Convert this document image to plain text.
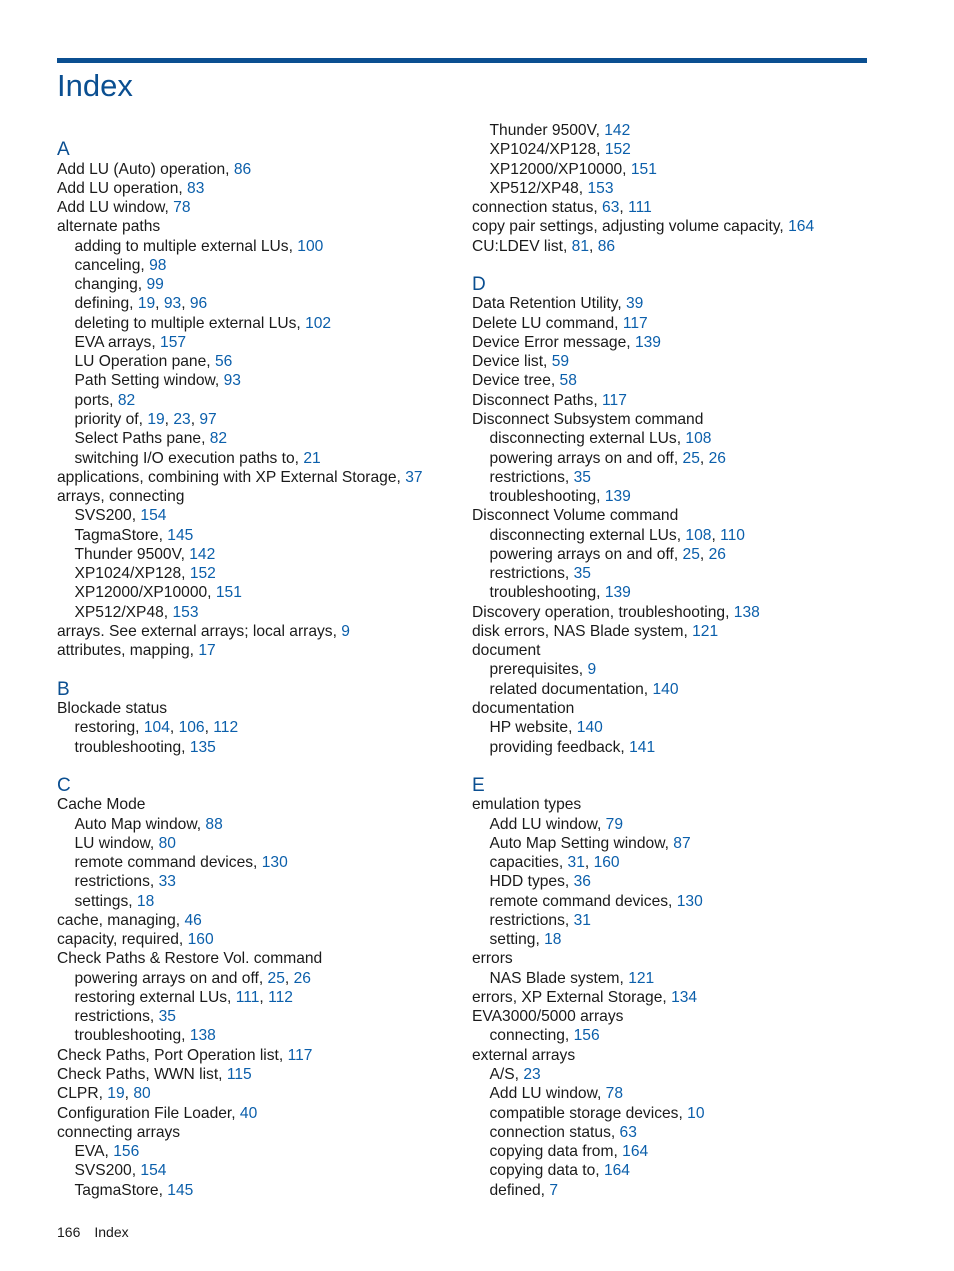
Index
A
Add LU (Auto) operation, 86
Add LU operation, 83
Add LU window, 78
alternate paths
adding to multiple external LUs, 100
canceling, 98
changing, 99
defining, 19, 93, 96
deleting to multiple external LUs, 102
EVA arrays, 157
LU Operation pane, 56
Path Setting window, 93
ports, 82
priority of, 19, 23, 97
Select Paths pane, 82
switching I/O execution paths to, 21
applications, combining with XP External Storage, 37
arrays, connecting
SVS200, 154
TagmaStore, 145
Thunder 9500V, 142
XP1024/XP128, 152
XP12000/XP10000, 151
XP512/XP48, 153
arrays. See external arrays; local arrays, 9
attributes, mapping, 17
B
Blockade status
restoring, 104, 106, 112
troubleshooting, 135
C
Cache Mode
Auto Map window, 88
LU window, 80
remote command devices, 130
restrictions, 33
settings, 18
cache, managing, 46
capacity, required, 160
Check Paths & Restore Vol. command
powering arrays on and off, 25, 26
restoring external LUs, 111, 112
restrictions, 35
troubleshooting, 138
Check Paths, Port Operation list, 117
Check Paths, WWN list, 115
CLPR, 19, 80
Configuration File Loader, 40
connecting arrays
EVA, 156
SVS200, 154
TagmaStore, 145
Thunder 9500V, 142
XP1024/XP128, 152
XP12000/XP10000, 151
XP512/XP48, 153
connection status, 63, 111
copy pair settings, adjusting volume capacity, 164
CU:LDEV list, 81, 86
D
Data Retention Utility, 39
Delete LU command, 117
Device Error message, 139
Device list, 59
Device tree, 58
Disconnect Paths, 117
Disconnect Subsystem command
disconnecting external LUs, 108
powering arrays on and off, 25, 26
restrictions, 35
troubleshooting, 139
Disconnect Volume command
disconnecting external LUs, 108, 110
powering arrays on and off, 25, 26
restrictions, 35
troubleshooting, 139
Discovery operation, troubleshooting, 138
disk errors, NAS Blade system, 121
document
prerequisites, 9
related documentation, 140
documentation
HP website, 140
providing feedback, 141
E
emulation types
Add LU window, 79
Auto Map Setting window, 87
capacities, 31, 160
HDD types, 36
remote command devices, 130
restrictions, 31
setting, 18
errors
NAS Blade system, 121
errors, XP External Storage, 134
EVA3000/5000 arrays
connecting, 156
external arrays
A/S, 23
Add LU window, 78
compatible storage devices, 10
connection status, 63
copying data from, 164
copying data to, 164
defined, 7
166 Index
